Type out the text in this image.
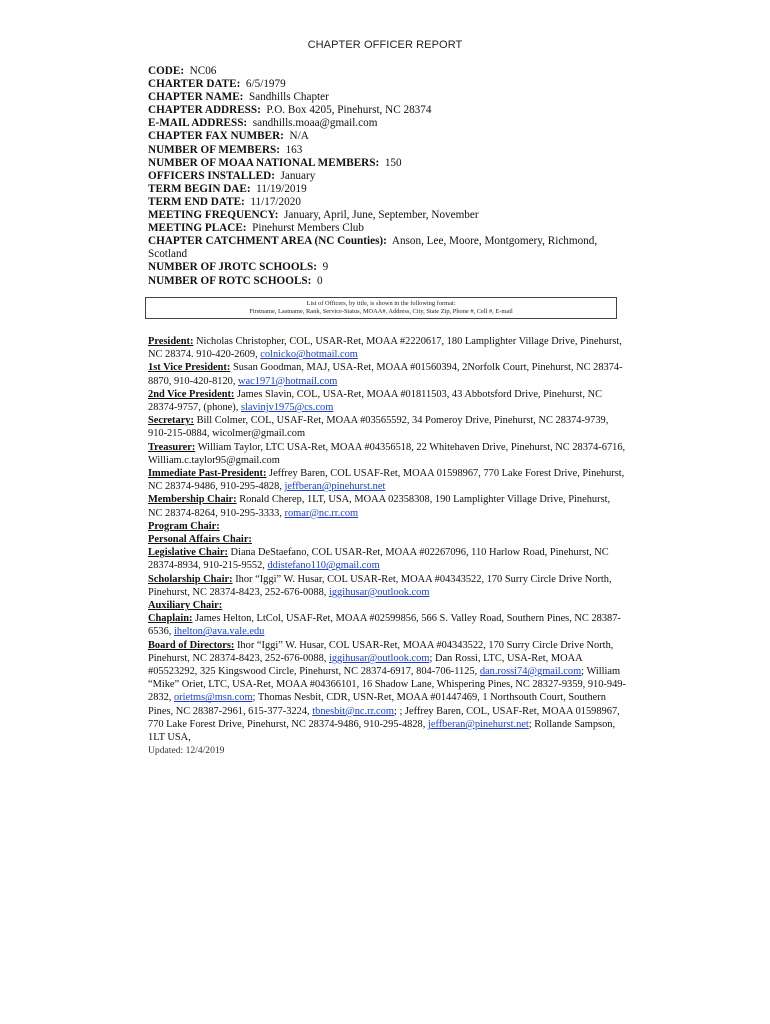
CHAPTER OFFICER REPORT
CODE: NC06
CHARTER DATE: 6/5/1979
CHAPTER NAME: Sandhills Chapter
CHAPTER ADDRESS: P.O. Box 4205, Pinehurst, NC 28374
E-MAIL ADDRESS: sandhills.moaa@gmail.com
CHAPTER FAX NUMBER: N/A
NUMBER OF MEMBERS: 163
NUMBER OF MOAA NATIONAL MEMBERS: 150
OFFICERS INSTALLED: January
TERM BEGIN DAE: 11/19/2019
TERM END DATE: 11/17/2020
MEETING FREQUENCY: January, April, June, September, November
MEETING PLACE: Pinehurst Members Club
CHAPTER CATCHMENT AREA (NC Counties): Anson, Lee, Moore, Montgomery, Richmond,
Scotland
NUMBER OF JROTC SCHOOLS: 9
NUMBER OF ROTC SCHOOLS: 0
List of Officers, by title, is shown in the following format:
Firstname, Lastname, Rank, Service-Status, MOAA#, Address, City, State Zip, Phone #, Cell #, E-mail
President: Nicholas Christopher, COL, USAR-Ret, MOAA #2220617, 180 Lamplighter Village Drive, Pinehurst, NC 28374. 910-420-2609, colnicko@hotmail.com
1st Vice President: Susan Goodman, MAJ, USA-Ret, MOAA #01560394, 2Norfolk Court, Pinehurst, NC 28374-8870, 910-420-8120, wac1971@hotmail.com
2nd Vice President: James Slavin, COL, USA-Ret, MOAA #01811503, 43 Abbotsford Drive, Pinehurst, NC 28374-9757, (phone), slavinjv1975@cs.com
Secretary: Bill Colmer, COL, USAF-Ret, MOAA #03565592, 34 Pomeroy Drive, Pinehurst, NC 28374-9739, 910-215-0884, wicolmer@gmail.com
Treasurer: William Taylor, LTC USA-Ret, MOAA #04356518, 22 Whitehaven Drive, Pinehurst, NC 28374-6716, William.c.taylor95@gmail.com
Immediate Past-President: Jeffrey Baren, COL USAF-Ret, MOAA 01598967, 770 Lake Forest Drive, Pinehurst, NC 28374-9486, 910-295-4828, jeffberan@pinehurst.net
Membership Chair: Ronald Cherep, 1LT, USA, MOAA 02358308, 190 Lamplighter Village Drive, Pinehurst, NC 28374-8264, 910-295-3333, romar@nc.rr.com
Program Chair:
Personal Affairs Chair:
Legislative Chair: Diana DeStaefano, COL USAR-Ret, MOAA #02267096, 110 Harlow Road, Pinehurst, NC 28374-8934, 910-215-9552, ddistefano110@gmail.com
Scholarship Chair: Ihor “Iggi” W. Husar, COL USAR-Ret, MOAA #04343522, 170 Surry Circle Drive North, Pinehurst, NC 28374-8423, 252-676-0088, iggihusar@outlook.com
Auxiliary Chair:
Chaplain: James Helton, LtCol, USAF-Ret, MOAA #02599856, 566 S. Valley Road, Southern Pines, NC 28387-6536, ihelton@ava.vale.edu
Board of Directors: Ihor “Iggi” W. Husar, COL USAR-Ret, MOAA #04343522, 170 Surry Circle Drive North, Pinehurst, NC 28374-8423, 252-676-0088, iggihusar@outlook.com; Dan Rossi, LTC, USA-Ret, MOAA #05523292, 325 Kingswood Circle, Pinehurst, NC 28374-6917, 804-706-1125, dan.rossi74@gmail.com; William “Mike” Oriet, LTC, USA-Ret, MOAA #04366101, 16 Shadow Lane, Whispering Pines, NC 28327-9359, 910-949-2832, orietms@msn.com; Thomas Nesbit, CDR, USN-Ret, MOAA #01447469, 1 Northsouth Court, Southern Pines, NC 28387-2961, 615-377-3224, tbnesbit@nc.rr.com; ; Jeffrey Baren, COL, USAF-Ret, MOAA 01598967, 770 Lake Forest Drive, Pinehurst, NC 28374-9486, 910-295-4828, jeffberan@pinehurst.net; Rollande Sampson, 1LT USA,
Updated: 12/4/2019
